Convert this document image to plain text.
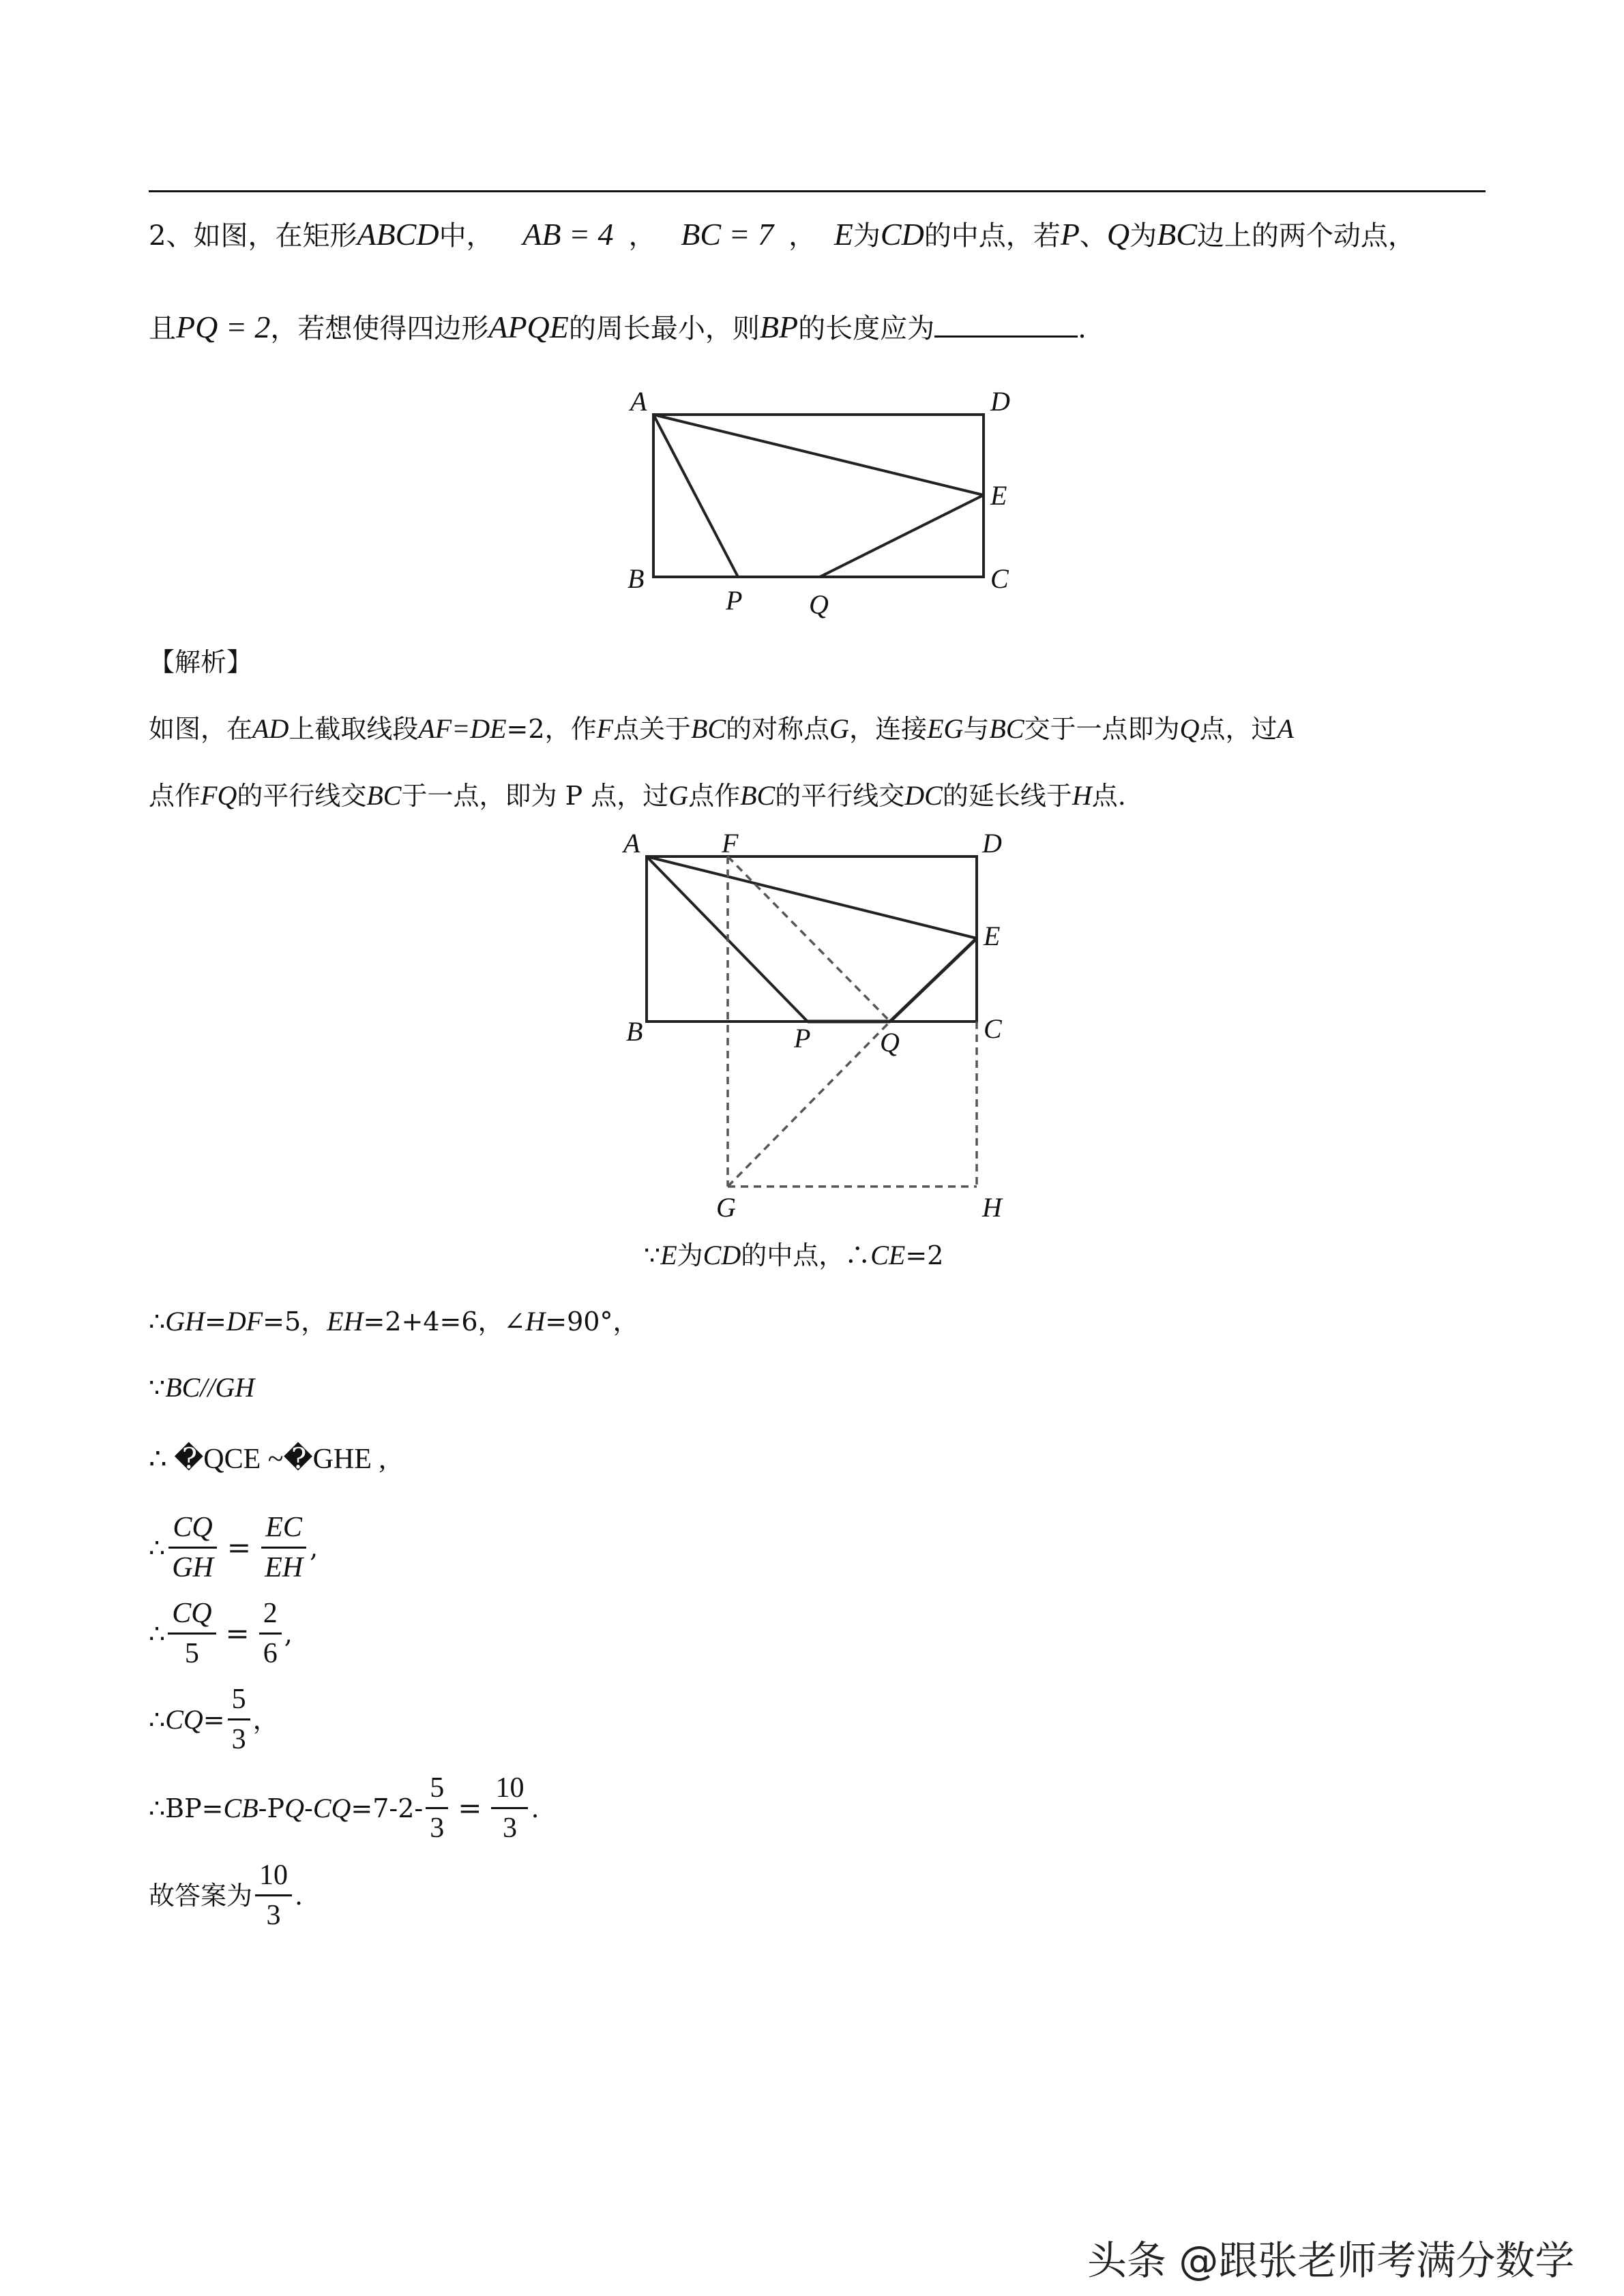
2、如图，在矩形ABCD中， AB = 4 ， BC = 7 ， E为CD的中点，若P、Q为BC边上的两个动点，
且PQ = 2，若想使得四边形APQE的周长最小，则BP的长度应为	.
A	D
E
B	C
P Q
【解析】
如图，在AD上截取线段AF=DE=2，作F点关于BC的对称点G，连接EG与BC交于一点即为Q点，过A
点作FQ的平行线交BC于一点，即为 P 点，过G点作BC的平行线交DC的延长线于H点.
A	F	D
E
B	P	Q	C
G	H
∵E为CD的中点，∴CE=2
∴GH=DF=5，EH=2+4=6，∠H=90°，
∵BC//GH
∴ �QCE ~�GHE ,
∴ $\frac{CQ}{GH} = \frac{EC}{EH}$ ,
∴ $\frac{CQ}{5} = \frac{2}{6}$ ,
∴ CQ = $\frac{5}{3}$ ，
∴B P= CB -P Q - CQ $=7-2- \frac{5}{3} = \frac{10}{3}$ .
故答案为 $\frac{10}{3}$ .
头条 @跟张老师考满分数学
